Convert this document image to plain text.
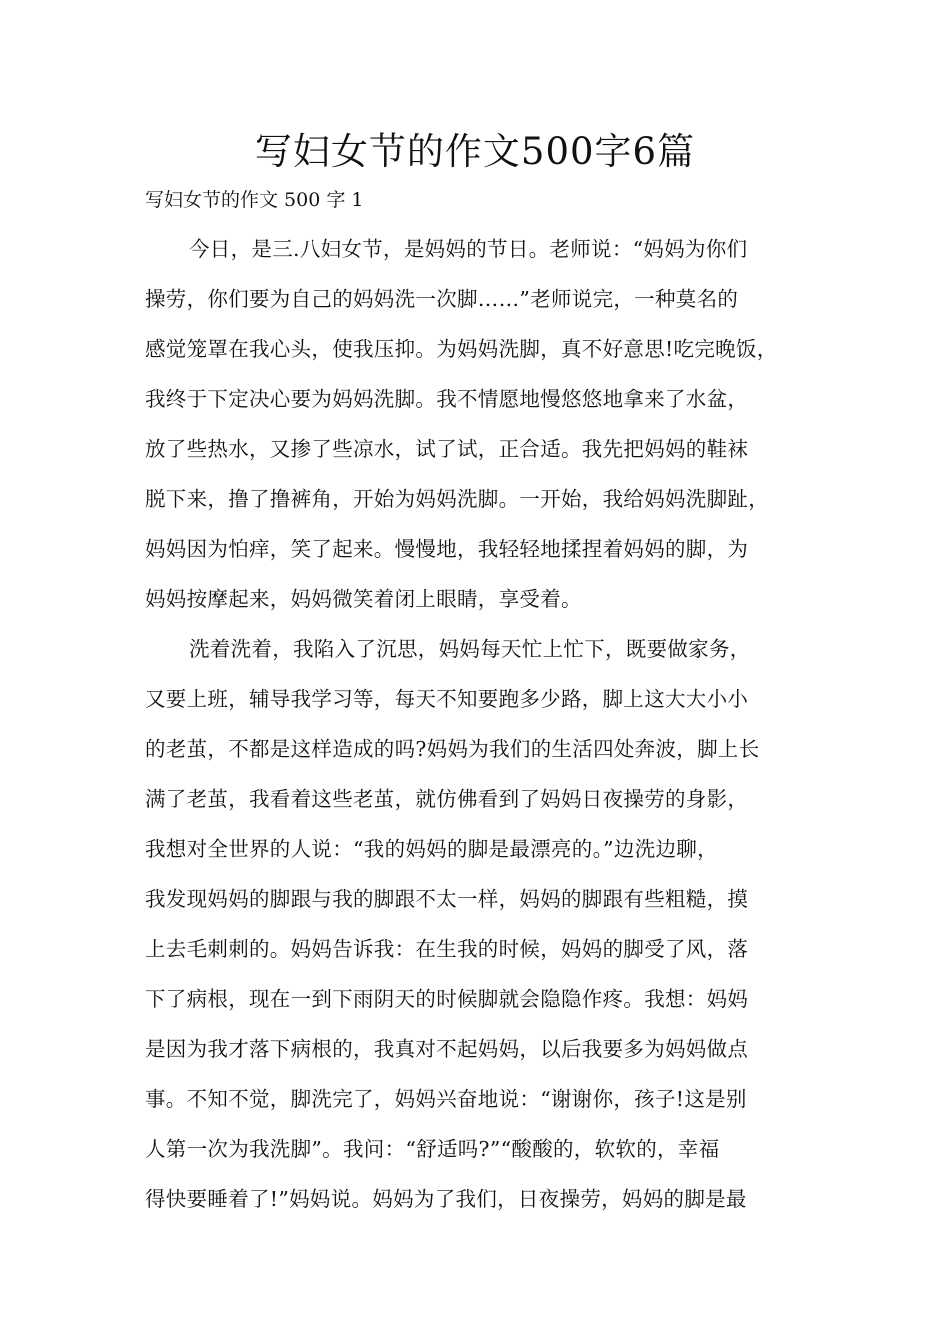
写妇女节的作文500字6篇

写妇女节的作文 500 字 1

今日，是三.八妇女节，是妈妈的节日。老师说：“妈妈为你们
操劳，你们要为自己的妈妈洗一次脚……”老师说完，一种莫名的
感觉笼罩在我心头，使我压抑。为妈妈洗脚，真不好意思!吃完晚饭，
我终于下定决心要为妈妈洗脚。我不情愿地慢悠悠地拿来了水盆，
放了些热水，又掺了些凉水，试了试，正合适。我先把妈妈的鞋袜
脱下来，撸了撸裤角，开始为妈妈洗脚。一开始，我给妈妈洗脚趾，
妈妈因为怕痒，笑了起来。慢慢地，我轻轻地揉捏着妈妈的脚，为
妈妈按摩起来，妈妈微笑着闭上眼睛，享受着。
洗着洗着，我陷入了沉思，妈妈每天忙上忙下，既要做家务，
又要上班，辅导我学习等，每天不知要跑多少路，脚上这大大小小
的老茧，不都是这样造成的吗?妈妈为我们的生活四处奔波，脚上长
满了老茧，我看着这些老茧，就仿佛看到了妈妈日夜操劳的身影，
我想对全世界的人说：“我的妈妈的脚是最漂亮的。”边洗边聊，
我发现妈妈的脚跟与我的脚跟不太一样，妈妈的脚跟有些粗糙，摸
上去毛刺刺的。妈妈告诉我：在生我的时候，妈妈的脚受了风，落
下了病根，现在一到下雨阴天的时候脚就会隐隐作疼。我想：妈妈
是因为我才落下病根的，我真对不起妈妈，以后我要多为妈妈做点
事。不知不觉，脚洗完了，妈妈兴奋地说：“谢谢你，孩子!这是别
人第一次为我洗脚”。我问：“舒适吗?”“酸酸的，软软的，幸福
得快要睡着了!”妈妈说。妈妈为了我们，日夜操劳，妈妈的脚是最
